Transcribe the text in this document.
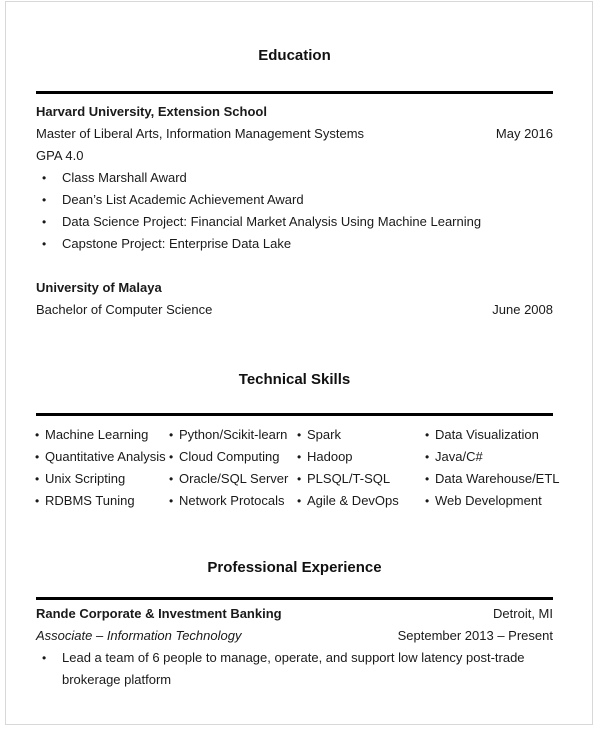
Education
Harvard University, Extension School
Master of Liberal Arts, Information Management Systems	May 2016
GPA 4.0
•	Class Marshall Award
•	Dean’s List Academic Achievement Award
•	Data Science Project: Financial Market Analysis Using Machine Learning
•	Capstone Project: Enterprise Data Lake
University of Malaya
Bachelor of Computer Science	June 2008
Technical Skills
• Machine Learning • Python/Scikit-learn • Spark	• Data Visualization
• Quantitative Analysis • Cloud Computing • Hadoop	• Java/C#
• Unix Scripting	• Oracle/SQL Server • PLSQL/T-SQL	• Data Warehouse/ETL
• RDBMS Tuning	• Network Protocals • Agile & DevOps • Web Development
Professional Experience
Rande Corporate & Investment Banking	Detroit, MI
Associate – Information Technology	September 2013 – Present
•	Lead a team of 6 people to manage, operate, and support low latency post-trade brokerage platform
